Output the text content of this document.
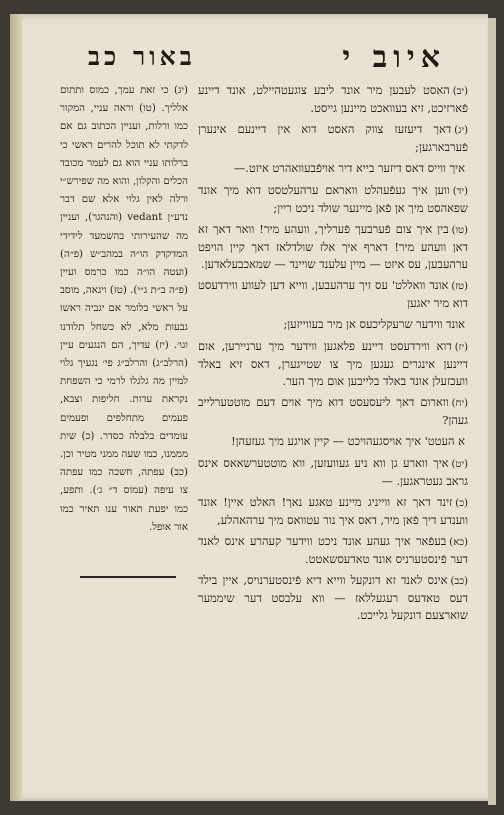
איוב י
באור כב

(יב)האסט לעבען מיר אונד ליבע צוגעטהיילט, אונד דיינע פֿארזיכט, זיא בעוואכט מיינען גייסט.

(יג)דאך דיעזעז צווק האסט דוא אין דיינעם אינערן פֿערבארגען;

איך ווייס דאס דיזער בייא דיר אויפֿבעוואהרט איזט.—

(יד)ווען איך געפֿעהלט וואראם ערהעלטסט דוא מיך אונד שפאהסט מיך אן פֿאן מיינער שולד ניכט ריין;

(טו)בין איך צום פֿערבעך פֿערליך, וועהע מיר! וואר דאך זא דאן וועהע מיר! דארף איך אלז שולדלאז דאך קיין הויפט ערהעבען, עס איזט — מיין עלענד שויינד — שמאכבעלאדען.

(טז)אונד וואללט' עס זיך ערהעבען, ווייא דען לעווע ווירדעסט דוא מיר יאגען

אונד ווידער שרעקליכעס אן מיר בעווייזען;

(יז)דוא ווירדעסט דיינע פלאגען ווידער מיך ערניירען, אום דיינען אינגרים געגען מיך צו שטייגערן, דאס זיא באלד וועכזעלן אונד באלד בלייבען אום מיך הער.

(יח)ווארום דאך ליעסעסט דוא מיך אוים דעם מוטטערלייב געהן?

א העטט' איך אויסגעהויכט — קיין אויגע מיך געזעהן!

(יט)איך ווארע גן ווא ניע געוועזען, ווא מוטטערשאאס אינס גראב געטראגען. —

(כ)זינד דאך זא ווייניג מיינע טאגע נאך! האלט איין! אונד ווענדע דיך פֿאן מיר, דאס איך נור עטוואס מיך ערהאהלע,

(כא)בעפֿאר איך געהע אונד ניכט ווידער קעהרע אינס לאנד דער פֿינסטערניס אונד טאדעסשאטט.

(כב)אינס לאנד זא דונקעל ווייא דיא פֿינסטערנויס, איין בילד דעס טאדעס רעגעללאז — ווא עלבסט דער שיממער שוארצעם דונקעל גלייכט.

(יג) כי זאת עמך, כמוס ותתום אלליך. (טו) וראה עניי, המקור כמו ורלות, ועניין הכתוב גם אם לדקתי לא תוכל להרים ראשי כי ברלותו עניי הוא גם לעמר מכובד הכלים והקלון, והוא מה שפירש״י ורלה לאין גלוי אלא שם דבר נדע״ן vedant (והנהגר), ועניין מה שהעירותי בהשמעד לידידי המדקדק הו״ה במהב״ש (פ״ה) (ועטה הו״ה כמו כרמס ועיין (פ״ה ב״ת ג״י). (טז) ויגאה, מוסב על ראשי בלומר אם יגביה ראשו גבעות מלא, לא כשחל תלודנו וגו׳. (יז) עדיך, הם הנגעים עיין (הרלב״ג) והרלב״ג פי׳ נגעיך גלוי למיין מה גלגלו לרמי כי השפחת נקראת עדות. חליפות וצבא, פעמים מתחלפים ופעמים עומדים בלבלה כסדר. (כ) שית מממנו, כמו שעה ממני מטיר וכן. (כב) עפתה, חשכה כמו עפתה צו עיפה (עמוס ד״ ג׳). ותפע, כמו יפעת תאור ענו תאיר כמו אור אופל.
